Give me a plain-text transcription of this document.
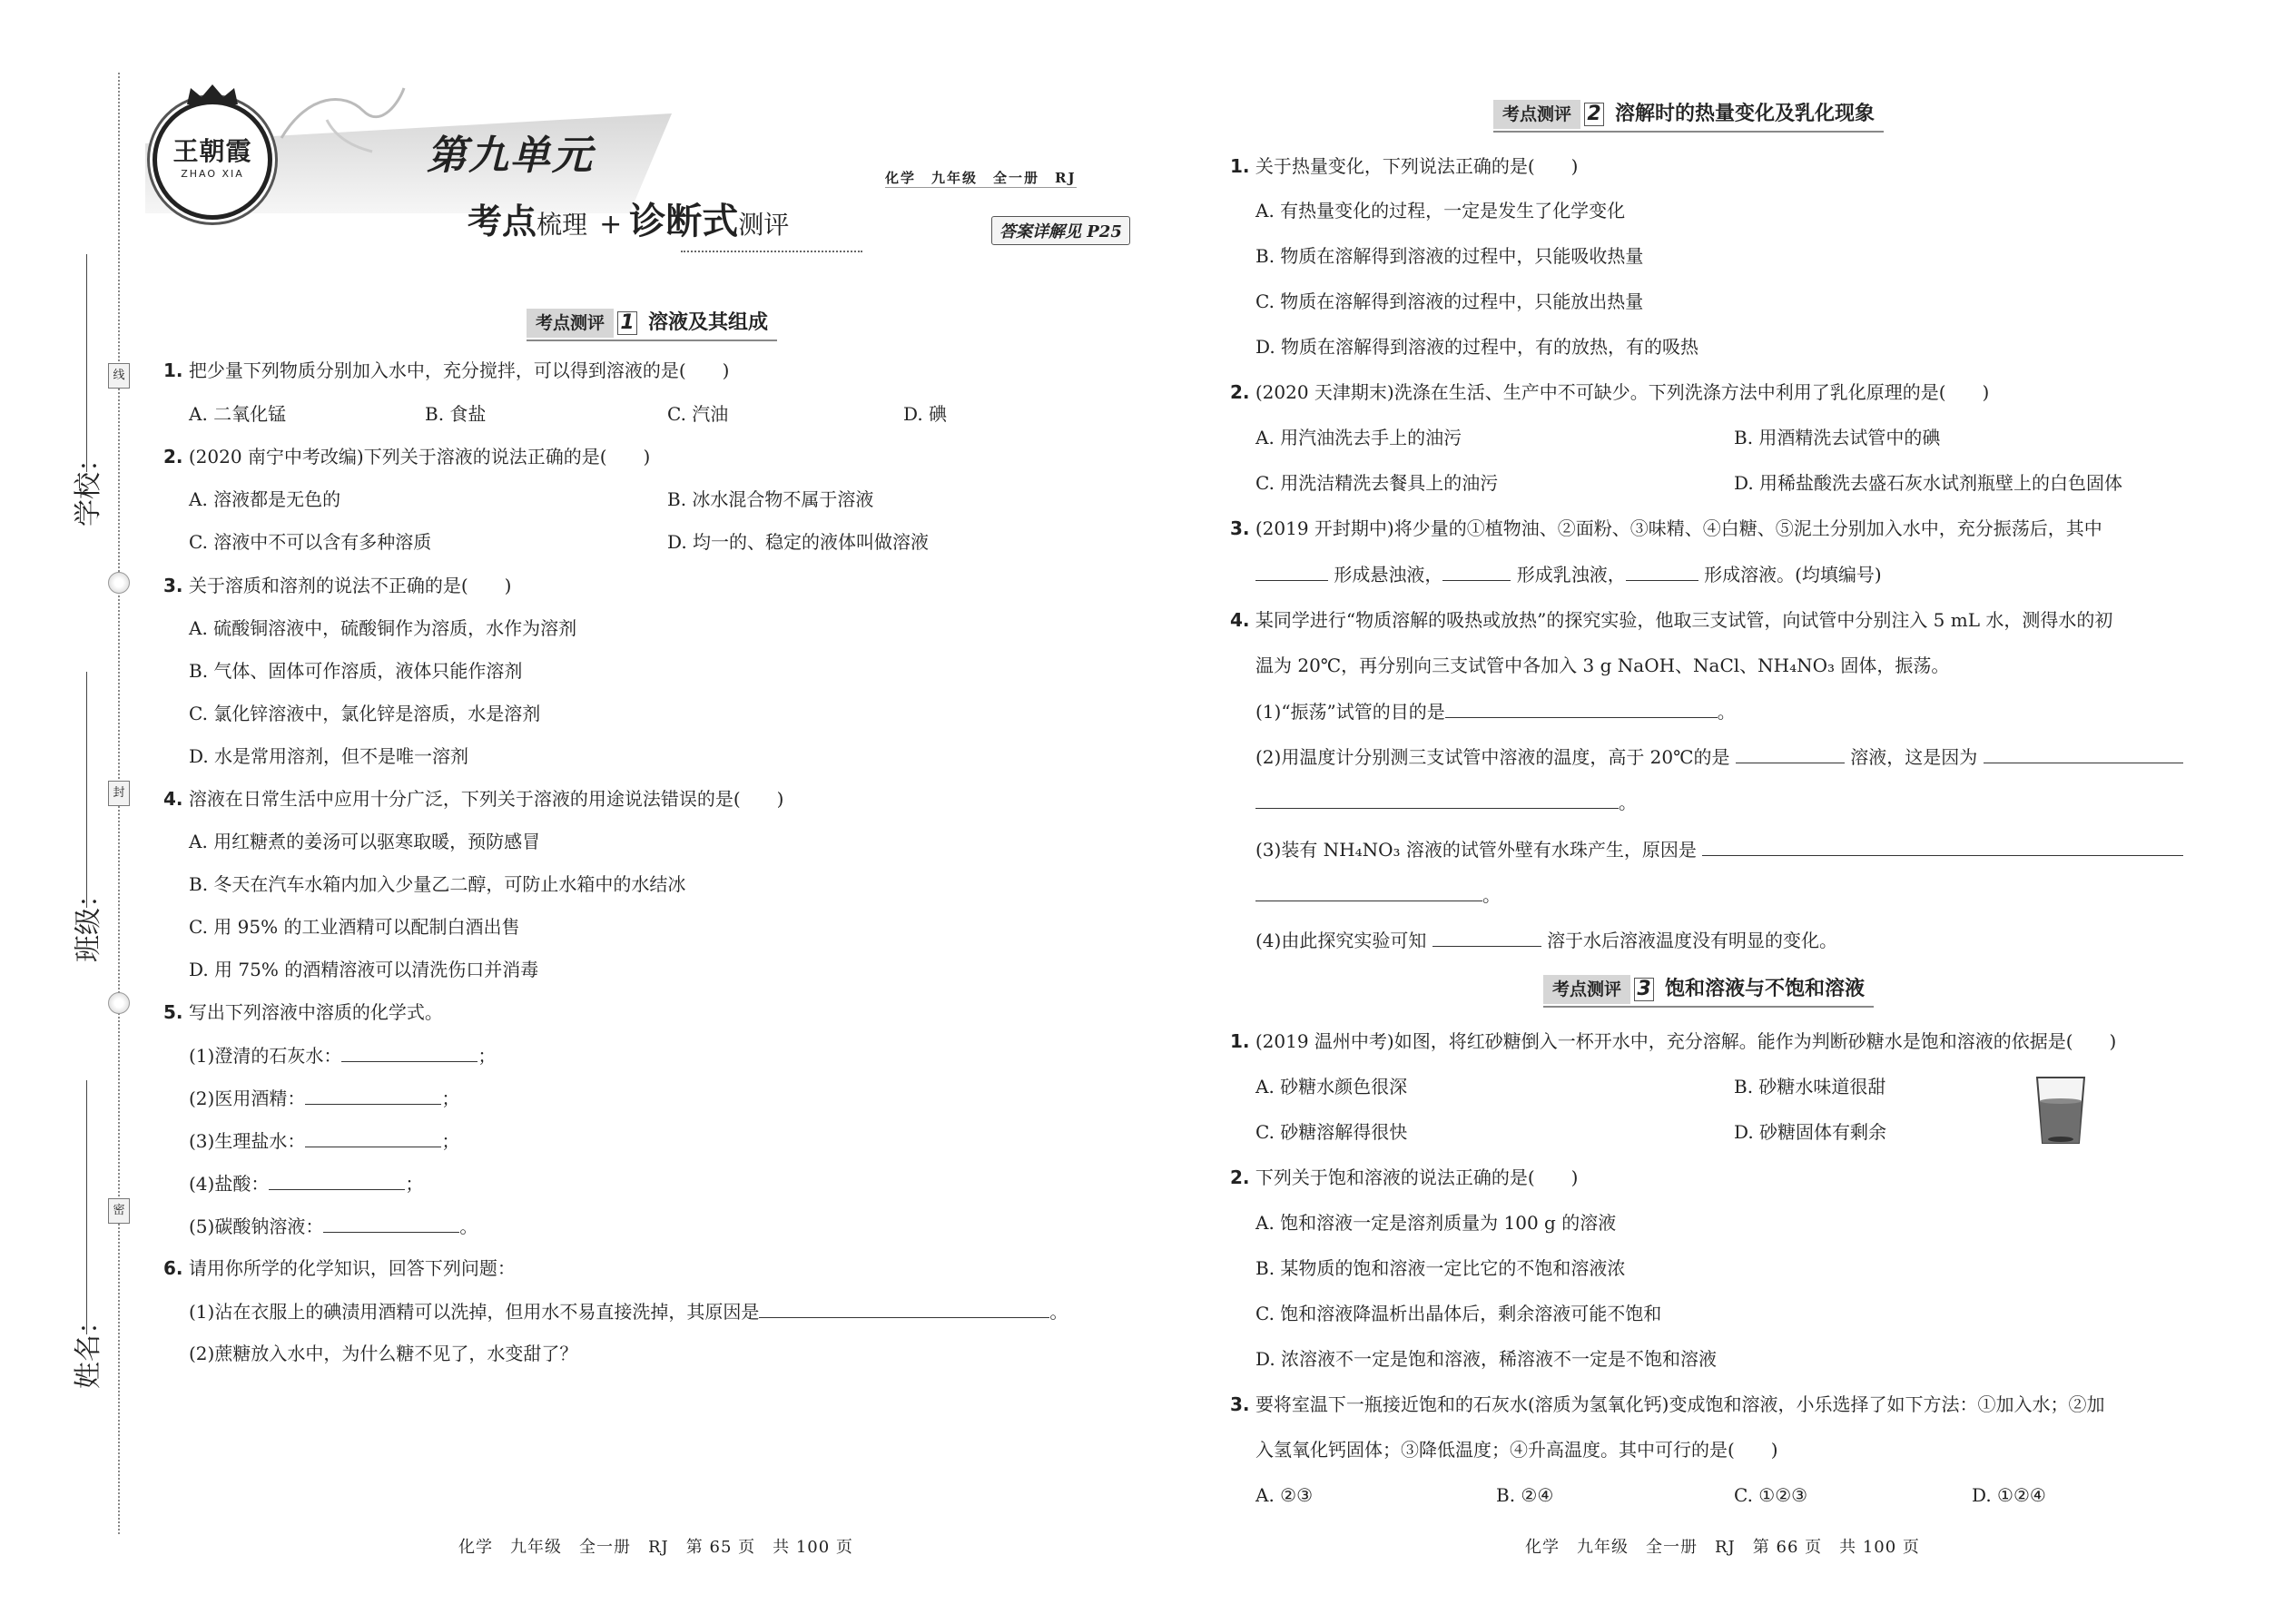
线
封
密
学校：
班级：
姓名：
王朝霞
ZHAO XIA	第九单元
考点梳理 + 诊断式测评
化学　九年级　全一册　RJ
答案详解见 P25
考点测评 1 溶液及其组成
1. 把少量下列物质分别加入水中，充分搅拌，可以得到溶液的是(　　)
A. 二氧化锰	B. 食盐	C. 汽油	D. 碘
2. (2020 南宁中考改编)下列关于溶液的说法正确的是(　　)
A. 溶液都是无色的	B. 冰水混合物不属于溶液
C. 溶液中不可以含有多种溶质	D. 均一的、稳定的液体叫做溶液
3. 关于溶质和溶剂的说法不正确的是(　　)
A. 硫酸铜溶液中，硫酸铜作为溶质，水作为溶剂
B. 气体、固体可作溶质，液体只能作溶剂
C. 氯化锌溶液中，氯化锌是溶质，水是溶剂
D. 水是常用溶剂，但不是唯一溶剂
4. 溶液在日常生活中应用十分广泛，下列关于溶液的用途说法错误的是(　　)
A. 用红糖煮的姜汤可以驱寒取暖，预防感冒
B. 冬天在汽车水箱内加入少量乙二醇，可防止水箱中的水结冰
C. 用 95% 的工业酒精可以配制白酒出售
D. 用 75% 的酒精溶液可以清洗伤口并消毒
5. 写出下列溶液中溶质的化学式。
(1)澄清的石灰水：	；
(2)医用酒精：	；
(3)生理盐水：	；
(4)盐酸：	；
(5)碳酸钠溶液：	。
6. 请用你所学的化学知识，回答下列问题：
(1)沾在衣服上的碘渍用酒精可以洗掉，但用水不易直接洗掉，其原因是	。
(2)蔗糖放入水中，为什么糖不见了，水变甜了？
化学　九年级　全一册　RJ　第 65 页　共 100 页
考点测评 2 溶解时的热量变化及乳化现象
1. 关于热量变化，下列说法正确的是(　　)
A. 有热量变化的过程，一定是发生了化学变化
B. 物质在溶解得到溶液的过程中，只能吸收热量
C. 物质在溶解得到溶液的过程中，只能放出热量
D. 物质在溶解得到溶液的过程中，有的放热，有的吸热
2. (2020 天津期末)洗涤在生活、生产中不可缺少。下列洗涤方法中利用了乳化原理的是(　　)
A. 用汽油洗去手上的油污	B. 用酒精洗去试管中的碘
C. 用洗洁精洗去餐具上的油污	D. 用稀盐酸洗去盛石灰水试剂瓶壁上的白色固体
3. (2019 开封期中)将少量的①植物油、②面粉、③味精、④白糖、⑤泥土分别加入水中，充分振荡后，其中
形成悬浊液，	形成乳浊液，	形成溶液。(均填编号)
4. 某同学进行“物质溶解的吸热或放热”的探究实验，他取三支试管，向试管中分别注入 5 mL 水，测得水的初
温为 20℃，再分别向三支试管中各加入 3 g NaOH、NaCl、NH₄NO₃ 固体，振荡。
(1)“振荡”试管的目的是	。
(2)用温度计分别测三支试管中溶液的温度，高于 20℃的是	溶液，这是因为
。
(3)装有 NH₄NO₃ 溶液的试管外壁有水珠产生，原因是
。
(4)由此探究实验可知	溶于水后溶液温度没有明显的变化。
考点测评 3 饱和溶液与不饱和溶液
1. (2019 温州中考)如图，将红砂糖倒入一杯开水中，充分溶解。能作为判断砂糖水是饱和溶液的依据是(　　)
A. 砂糖水颜色很深	B. 砂糖水味道很甜
C. 砂糖溶解得很快	D. 砂糖固体有剩余
2. 下列关于饱和溶液的说法正确的是(　　)
A. 饱和溶液一定是溶剂质量为 100 g 的溶液
B. 某物质的饱和溶液一定比它的不饱和溶液浓
C. 饱和溶液降温析出晶体后，剩余溶液可能不饱和
D. 浓溶液不一定是饱和溶液，稀溶液不一定是不饱和溶液
3. 要将室温下一瓶接近饱和的石灰水(溶质为氢氧化钙)变成饱和溶液，小乐选择了如下方法：①加入水；②加
入氢氧化钙固体；③降低温度；④升高温度。其中可行的是(　　)
A. ②③	B. ②④	C. ①②③	D. ①②④
化学　九年级　全一册　RJ　第 66 页　共 100 页
